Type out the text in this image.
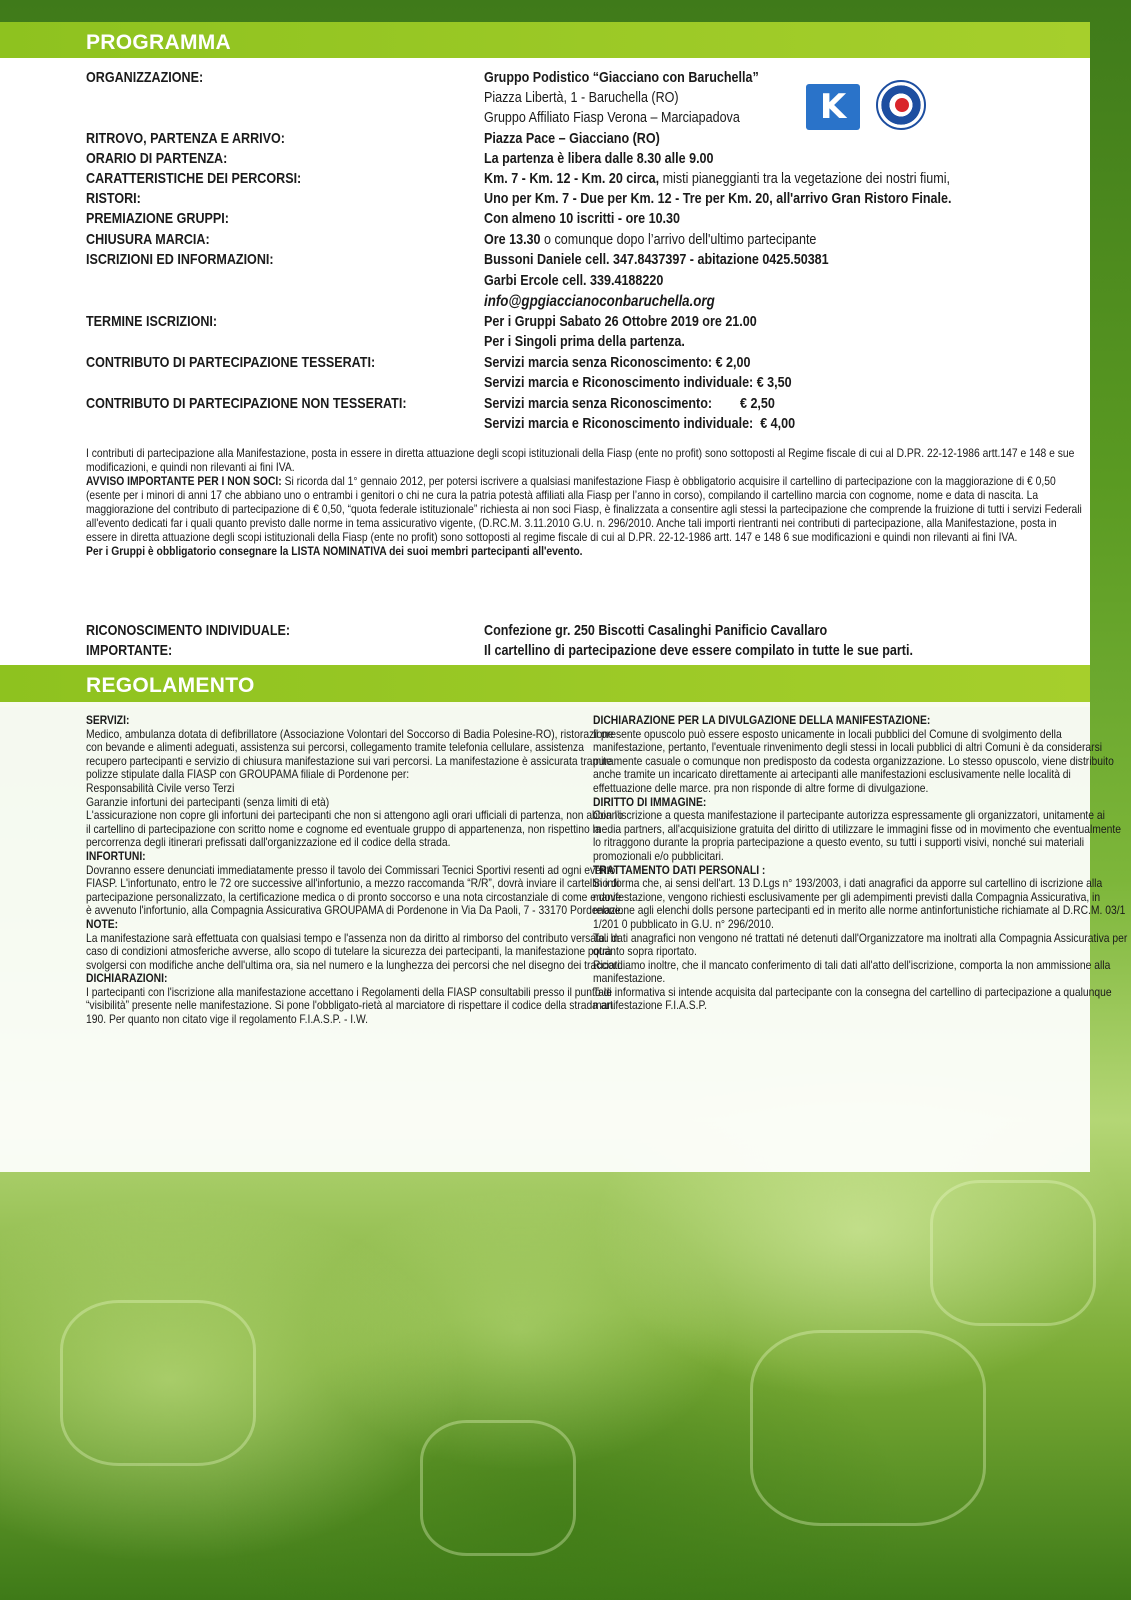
PROGRAMMA
K
ORGANIZZAZIONE:	Gruppo Podistico “Giacciano con Baruchella”
Piazza Libertà, 1 - Baruchella (RO)
Gruppo Affiliato Fiasp Verona – Marciapadova
RITROVO, PARTENZA E ARRIVO:	Piazza Pace – Giacciano (RO)
ORARIO DI PARTENZA:	La partenza è libera dalle 8.30 alle 9.00
CARATTERISTICHE DEI PERCORSI:	Km. 7 - Km. 12 - Km. 20 circa, misti pianeggianti tra la vegetazione dei nostri fiumi,
RISTORI:	Uno per Km. 7 - Due per Km. 12 - Tre per Km. 20, all'arrivo Gran Ristoro Finale.
PREMIAZIONE GRUPPI:	Con almeno 10 iscritti - ore 10.30
CHIUSURA MARCIA:	Ore 13.30 o comunque dopo l’arrivo dell'ultimo partecipante
ISCRIZIONI ED INFORMAZIONI:	Bussoni Daniele cell. 347.8437397 - abitazione 0425.50381
Garbi Ercole cell. 339.4188220
info@gpgiaccianoconbaruchella.org
TERMINE ISCRIZIONI:	Per i Gruppi Sabato 26 Ottobre 2019 ore 21.00
Per i Singoli prima della partenza.
CONTRIBUTO DI PARTECIPAZIONE TESSERATI:	Servizi marcia senza Riconoscimento: € 2,00
Servizi marcia e Riconoscimento individuale: € 3,50
CONTRIBUTO DI PARTECIPAZIONE NON TESSERATI:	Servizi marcia senza Riconoscimento:        € 2,50
Servizi marcia e Riconoscimento individuale:  € 4,00

I contributi di partecipazione alla Manifestazione, posta in essere in diretta attuazione degli scopi istituzionali della Fiasp (ente no profit) sono sottoposti al Regime fiscale di cui al D.PR. 22-12-1986 artt.147 e 148 e sue modificazioni, e quindi non rilevanti ai fini IVA.

AVVISO IMPORTANTE PER I NON SOCI: Si ricorda dal 1° gennaio 2012, per potersi iscrivere a qualsiasi manifestazione Fiasp è obbligatorio acquisire il cartellino di partecipazione con la maggiorazione di € 0,50 (esente per i minori di anni 17 che abbiano uno o entrambi i genitori o chi ne cura la patria potestà affiliati alla Fiasp per l’anno in corso), compilando il cartellino marcia con cognome, nome e data di nascita. La maggiorazione del contributo di partecipazione di € 0,50, “quota federale istituzionale” richiesta ai non soci Fiasp, è finalizzata a consentire agli stessi la partecipazione che comprende la fruizione di tutti i servizi Federali all'evento dedicati far i quali quanto previsto dalle norme in tema assicurativo vigente, (D.RC.M. 3.11.2010 G.U. n. 296/2010. Anche tali importi rientranti nei contributi di partecipazione, alla Manifestazione, posta in essere in diretta attuazione degli scopi istituzionali della Fiasp (ente no profit) sono sottoposti al regime fiscale di cui al D.PR. 22-12-1986 artt. 147 e 148 6 sue modificazioni e quindi non rilevanti ai fini IVA.

Per i Gruppi è obbligatorio consegnare la LISTA NOMINATIVA dei suoi membri partecipanti all'evento.

RICONOSCIMENTO INDIVIDUALE:	Confezione gr. 250 Biscotti Casalinghi Panificio Cavallaro
IMPORTANTE:	Il cartellino di partecipazione deve essere compilato in tutte le sue parti.
REGOLAMENTO
SERVIZI:

Medico, ambulanza dotata di defibrillatore (Associazione Volontari del Soccorso di Badia Polesine-RO), ristorazione con bevande e alimenti adeguati, assistenza sui percorsi, collegamento tramite telefonia cellulare, assistenza recupero partecipanti e servizio di chiusura manifestazione sui vari percorsi. La manifestazione è assicurata tramite polizze stipulate dalla FIASP con GROUPAMA filiale di Pordenone per:

Responsabilità Civile verso Terzi

Garanzie infortuni dei partecipanti (senza limiti di età)

L'assicurazione non copre gli infortuni dei partecipanti che non si attengono agli orari ufficiali di partenza, non abbiano il cartellino di partecipazione con scritto nome e cognome ed eventuale gruppo di appartenenza, non rispettino la percorrenza degli itinerari prefissati dall'organizzazione ed il codice della strada.

INFORTUNI:

Dovranno essere denunciati immediatamente presso il tavolo dei Commissari Tecnici Sportivi resenti ad ogni evento FIASP. L'infortunato, entro le 72 ore successive all'infortunio, a mezzo raccomanda “R/R”, dovrà inviare il cartellino di partecipazione personalizzato, la certificazione medica o di pronto soccorso e una nota circostanziale di come e dove è avvenuto l'infortunio, alla Compagnia Assicurativa GROUPAMA di Pordenone in Via Da Paoli, 7 - 33170 Pordenone.

NOTE:

La manifestazione sarà effettuata con qualsiasi tempo e l'assenza non da diritto al rimborso del contributo versato. In caso di condizioni atmosferiche avverse, allo scopo di tutelare la sicurezza dei partecipanti, la manifestazione potrà svolgersi con modifiche anche dell'ultima ora, sia nel numero e la lunghezza dei percorsi che nel disegno dei tracciati.

DICHIARAZIONI:

I partecipanti con l'iscrizione alla manifestazione accettano i Regolamenti della FIASP consultabili presso il punto di “visibilità” presente nelle manifestazione. Si pone l'obbligato-rietà al marciatore di rispettare il codice della strada art. 190. Per quanto non citato vige il regolamento F.I.A.S.P. - I.W.

DICHIARAZIONE PER LA DIVULGAZIONE DELLA MANIFESTAZIONE:

Il presente opuscolo può essere esposto unicamente in locali pubblici del Comune di svolgimento della manifestazione, pertanto, l'eventuale rinvenimento degli stessi in locali pubblici di altri Comuni è da considerarsi puramente casuale o comunque non predisposto da codesta organizzazione. Lo stesso opuscolo, viene distribuito anche tramite un incaricato direttamente ai artecipanti alle manifestazioni esclusivamente nelle località di effettuazione delle marce. pra non risponde di altre forme di divulgazione.

DIRITTO DI IMMAGINE:

Con l'iscrizione a questa manifestazione il partecipante autorizza espressamente gli organizzatori, unitamente ai media partners, all'acquisizione gratuita del diritto di utilizzare le immagini fisse od in movimento che eventualmente lo ritraggono durante la propria partecipazione a questo evento, su tutti i supporti visivi, nonché sui materiali promozionali e/o pubblicitari.

TRATTAMENTO DATI PERSONALI :

Si informa che, ai sensi dell'art. 13 D.Lgs n° 193/2003, i dati anagrafici da apporre sul cartellino di iscrizione alla manifestazione, vengono richiesti esclusivamente per gli adempimenti previsti dalla Compagnia Assicurativa, in relazione agli elenchi dolls persone partecipanti ed in merito alle norme antinfortunistiche richiamate al D.RC.M. 03/1 1/201 0 pubblicato in G.U. n° 296/2010.

Tali dati anagrafici non vengono né trattati né detenuti dall'Organizzatore ma inoltrati alla Compagnia Assicurativa per quanto sopra riportato.

Ricordiamo inoltre, che il mancato conferimento di tali dati all'atto dell'iscrizione, comporta la non ammissione alla manifestazione.

Tale informativa si intende acquisita dal partecipante con la consegna del cartellino di partecipazione a qualunque manifestazione F.I.A.S.P.
